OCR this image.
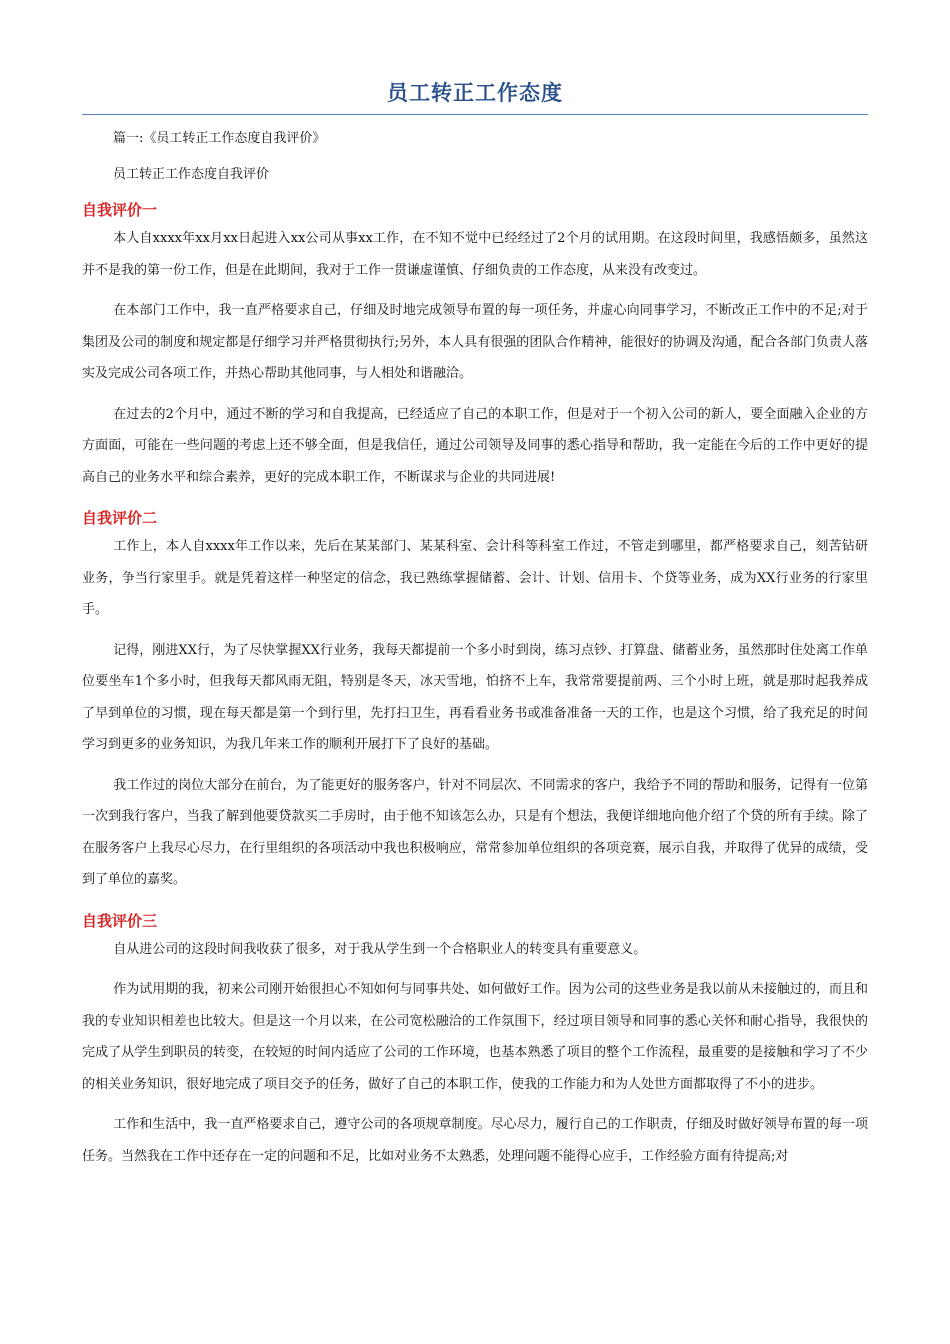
员工转正工作态度

篇一:《员工转正工作态度自我评价》

员工转正工作态度自我评价

自我评价一

本人自xxxx年xx月xx日起进入xx公司从事xx工作，在不知不觉中已经经过了2个月的试用期。在这段时间里，我感悟颇多，虽然这并不是我的第一份工作，但是在此期间，我对于工作一贯谦虚谨慎、仔细负责的工作态度，从来没有改变过。

在本部门工作中，我一直严格要求自己，仔细及时地完成领导布置的每一项任务，并虚心向同事学习，不断改正工作中的不足;对于集团及公司的制度和规定都是仔细学习并严格贯彻执行;另外，本人具有很强的团队合作精神，能很好的协调及沟通，配合各部门负责人落实及完成公司各项工作，并热心帮助其他同事，与人相处和谐融洽。

在过去的2个月中，通过不断的学习和自我提高，已经适应了自己的本职工作，但是对于一个初入公司的新人，要全面融入企业的方方面面，可能在一些问题的考虑上还不够全面，但是我信任，通过公司领导及同事的悉心指导和帮助，我一定能在今后的工作中更好的提高自己的业务水平和综合素养，更好的完成本职工作，不断谋求与企业的共同进展!

自我评价二

工作上，本人自xxxx年工作以来，先后在某某部门、某某科室、会计科等科室工作过，不管走到哪里，都严格要求自己，刻苦钻研业务，争当行家里手。就是凭着这样一种坚定的信念，我已熟练掌握储蓄、会计、计划、信用卡、个贷等业务，成为XX行业务的行家里手。

记得，刚进XX行，为了尽快掌握XX行业务，我每天都提前一个多小时到岗，练习点钞、打算盘、储蓄业务，虽然那时住处离工作单位要坐车1个多小时，但我每天都风雨无阻，特别是冬天，冰天雪地，怕挤不上车，我常常要提前两、三个小时上班，就是那时起我养成了早到单位的习惯，现在每天都是第一个到行里，先打扫卫生，再看看业务书或准备准备一天的工作，也是这个习惯，给了我充足的时间学习到更多的业务知识，为我几年来工作的顺利开展打下了良好的基础。

我工作过的岗位大部分在前台，为了能更好的服务客户，针对不同层次、不同需求的客户，我给予不同的帮助和服务，记得有一位第一次到我行客户，当我了解到他要贷款买二手房时，由于他不知该怎么办，只是有个想法，我便详细地向他介绍了个贷的所有手续。除了在服务客户上我尽心尽力，在行里组织的各项活动中我也积极响应，常常参加单位组织的各项竞赛，展示自我，并取得了优异的成绩，受到了单位的嘉奖。

自我评价三

自从进公司的这段时间我收获了很多，对于我从学生到一个合格职业人的转变具有重要意义。

作为试用期的我，初来公司刚开始很担心不知如何与同事共处、如何做好工作。因为公司的这些业务是我以前从未接触过的，而且和我的专业知识相差也比较大。但是这一个月以来，在公司宽松融洽的工作氛围下，经过项目领导和同事的悉心关怀和耐心指导，我很快的完成了从学生到职员的转变，在较短的时间内适应了公司的工作环境，也基本熟悉了项目的整个工作流程，最重要的是接触和学习了不少的相关业务知识，很好地完成了项目交予的任务，做好了自己的本职工作，使我的工作能力和为人处世方面都取得了不小的进步。

工作和生活中，我一直严格要求自己，遵守公司的各项规章制度。尽心尽力，履行自己的工作职责，仔细及时做好领导布置的每一项任务。当然我在工作中还存在一定的问题和不足，比如对业务不太熟悉，处理问题不能得心应手，工作经验方面有待提高;对
